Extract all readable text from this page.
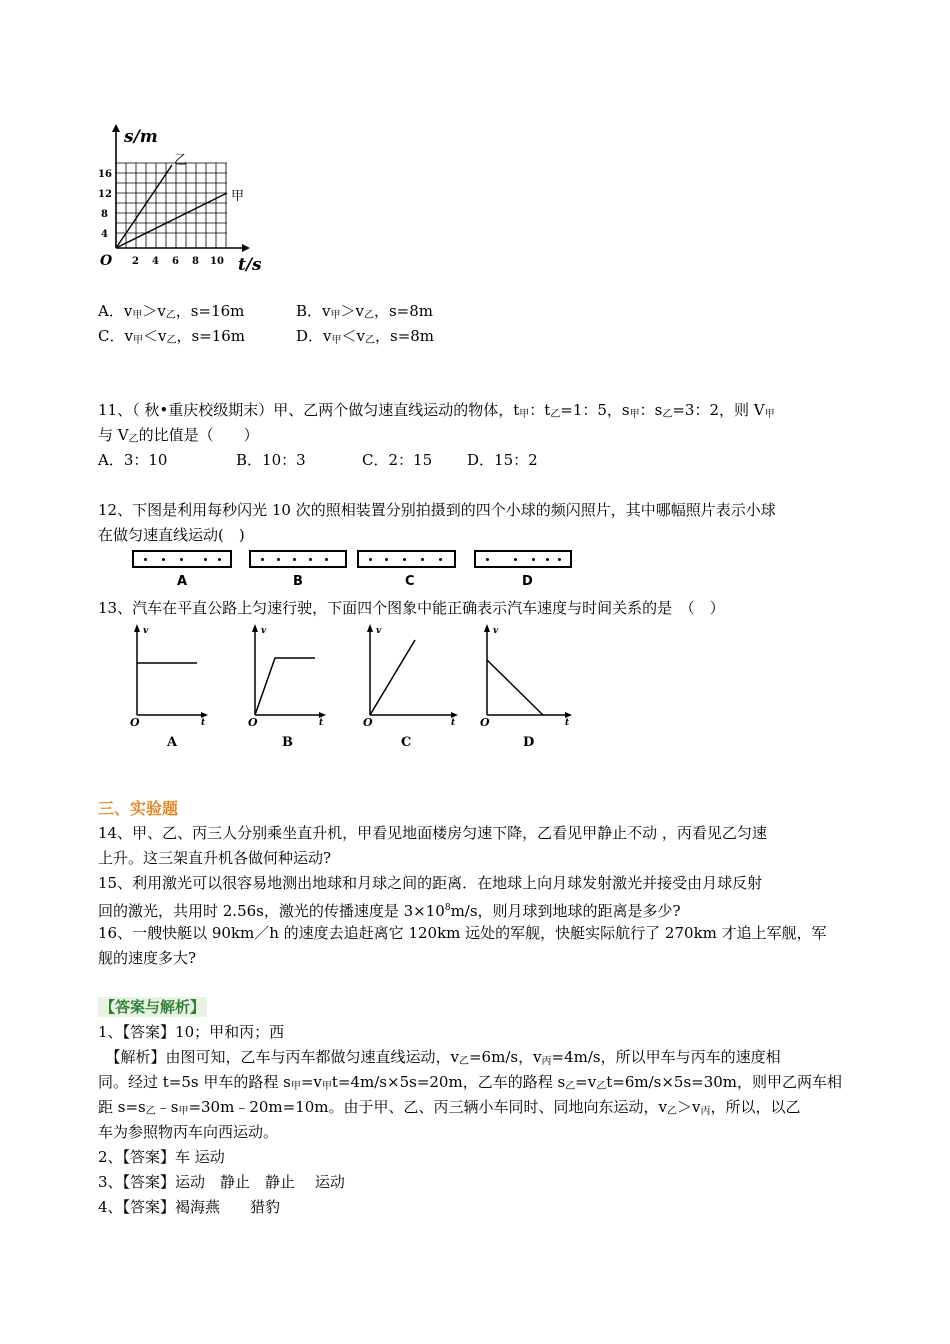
乙
甲
s/m
t/s
O
4
8
12
16
2 4 6 8 10
A．$v_甲>v_乙$，s=16m	B．$v_甲>v_乙$，s=8m
C．$v_甲<v_乙$，s=16m	D．$v_甲<v_乙$，s=8m
11、（ 秋•重庆校级期末）甲、乙两个做匀速直线运动的物体，$t_甲$：$t_乙=1$：5，$s_甲$：$s_乙=3$：2，则 $V_甲$
与 $V_乙$的比值是（　　）
A．3：10	B．10：3	C．2：15 D．15：2
12、下图是利用每秒闪光 10 次的照相装置分别拍摄到的四个小球的频闪照片，其中哪幅照片表示小球
在做匀速直线运动(　)
A	B	C	D
13、汽车在平直公路上匀速行驶，下面四个图象中能正确表示汽车速度与时间关系的是　（　）
v
t
O
A
v
t
O
B
v
t
O
C
v
t
O
D
三、实验题
14、甲、乙、丙三人分别乘坐直升机，甲看见地面楼房匀速下降，乙看见甲静止不动 ，丙看见乙匀速
上升。这三架直升机各做何种运动?
15、利用激光可以很容易地测出地球和月球之间的距离．在地球上向月球发射激光并接受由月球反射
回的激光，共用时 2.56s，激光的传播速度是 $3\times 10^8m/s$，则月球到地球的距离是多少?
16、一艘快艇以 90km／h 的速度去追赶离它 120km 远处的军舰，快艇实际航行了 270km 才追上军舰，军
舰的速度多大?
【答案与解析】
1、【答案】10；甲和丙；西
　【解析】由图可知，乙车与丙车都做匀速直线运动，$v_乙=6m/s$，$v_丙=4m/s$，所以甲车与丙车的速度相
同。经过 t=5s 甲车的路程 $s_甲=v_甲t=4m/s\times 5s=20m$，乙车的路程 $s_乙=v_乙t=6m/s\times 5s=30m$，则甲乙两车相
距 $s=s_乙﹣s_甲=30m﹣20m=10m$。由于甲、乙、丙三辆小车同时、同地向东运动，$v_乙>v_丙$，所以，以乙
车为参照物丙车向西运动。
2、【答案】车 运动
3、【答案】运动　静止　静止　 运动
4、【答案】褐海燕　　猎豹
